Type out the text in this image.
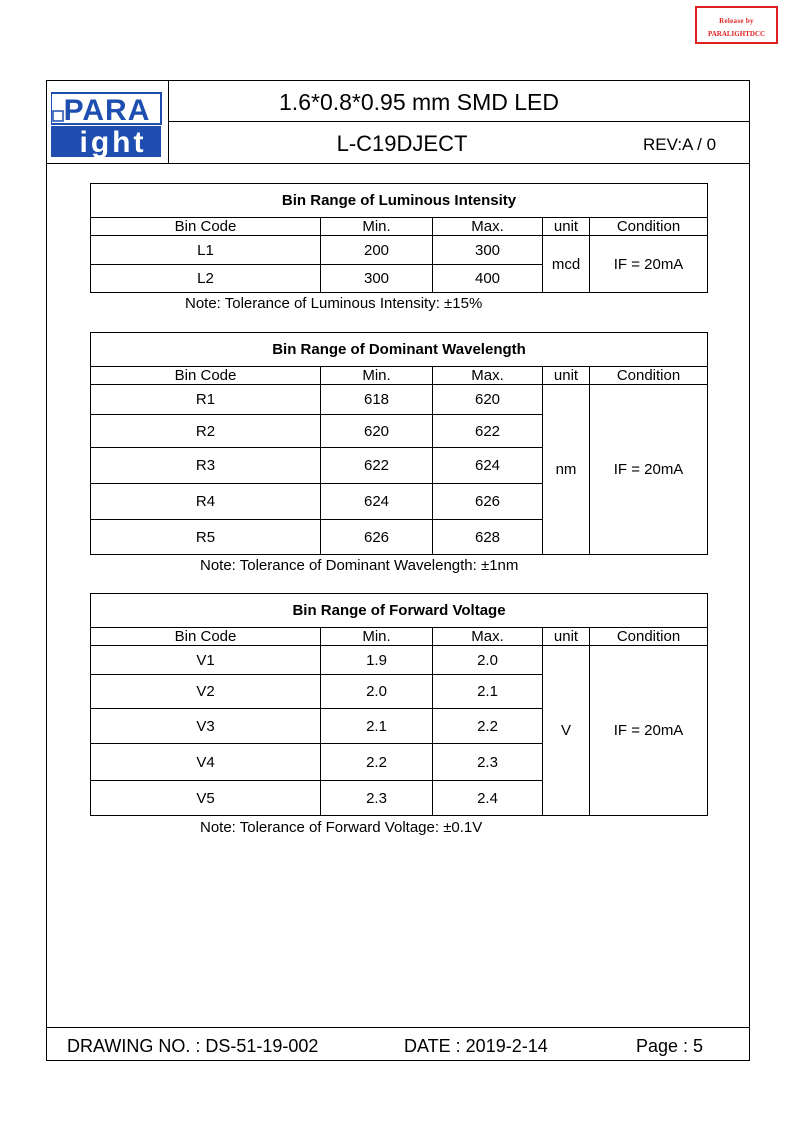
Release by
PARALIGHTDCC
PARA
ight
1.6*0.8*0.95 mm SMD LED
L-C19DJECT	REV:A / 0
DRAWING NO. : DS-51-19-002	DATE : 2019-2-14	Page : 5
Bin Range of Luminous Intensity				
Bin Code	Min.	Max.	unit	Condition
L1	200	300	mcd	IF = 20mA
L2	300	400		
Note: Tolerance of Luminous Intensity: ±15%
Bin Range of Dominant Wavelength				
Bin Code	Min.	Max.	unit	Condition
R1	618	620	nm	IF = 20mA
R2	620	622		
R3	622	624		
R4	624	626		
R5	626	628		
Note: Tolerance of Dominant Wavelength: ±1nm
Bin Range of Forward Voltage				
Bin Code	Min.	Max.	unit	Condition
V1	1.9	2.0	V	IF = 20mA
V2	2.0	2.1		
V3	2.1	2.2		
V4	2.2	2.3		
V5	2.3	2.4		
Note: Tolerance of Forward Voltage: ±0.1V
